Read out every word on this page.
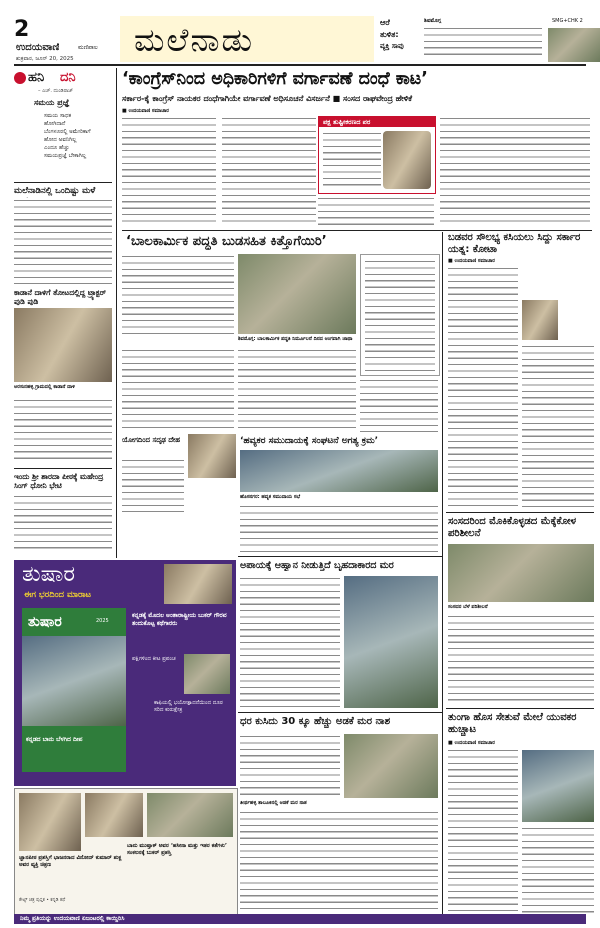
2
ಉದಯವಾಣಿ	ಮಣಿಪಾಲ
ಶುಕ್ರವಾರ, ಜೂನ್ 20, 2025 ಮಲೆನಾಡು	ಆರೆ
ತುಳಿತ:
ವ್ಯಕ್ತಿ ಸಾವು
ಶಿವಮೊಗ್ಗ	SMG+CHK 2
ಹನಿ ದನಿ
– ಎಚ್. ದುಂಡಿರಾಜ್
ಸಮಯ ಪ್ರಜ್ಞೆ
ಸಮಯ ಸಾಧಕ
ಹೋಗಿದಾನೆ
ಬೆಂಗಳೂರಲ್ಲಿ ಅಮೇರಿಕಾಗೆ
ಹೋದ ಅವನಿಗಿಲ್ಲ
ಎಂದೂ ಹೆಚ್ಚು
ಸಮಯಪ್ರಜ್ಞೆ ಬೇಕಾಗಿಲ್ಲ
ಮಲೆನಾಡಿನಲ್ಲಿ ಒಂದಿಷ್ಟು ಮಳೆ
ಕಾಡಾನೆ ದಾಳಿಗೆ ತೋಟದಲ್ಲಿದ್ದ ಟ್ರ್ಯಾಕ್ಟರ್ ಪುಡಿ ಪುಡಿ
ಅರಸುನಹಳ್ಳಿ ಗ್ರಾಮದಲ್ಲಿ ಕಾಡಾನೆ ದಾಳಿ
ಇಂದು ಶ್ರೀ ಶಾರದಾ ಪೀಠಕ್ಕೆ ಮಹೇಂದ್ರ ಸಿಂಗ್ ಧೋನಿ ಭೇಟಿ
‘ಕಾಂಗ್ರೆಸ್‌ನಿಂದ ಅಧಿಕಾರಿಗಳಿಗೆ ವರ್ಗಾವಣೆ ದಂಧೆ ಕಾಟ’
ಸರ್ಕಾರ-ಕೈ ಕಾಂಗ್ರೆಸ್ ನಾಯಕರ ದಂಧೆಗಾಗಿಯೇ ವರ್ಗಾವಣೆ ಅಧಿಸೂಚನೆ ವಿಸರ್ಜನೆ ■ ಸಂಸದ ರಾಘವೇಂದ್ರ ಹೇಳಿಕೆ
■ ಉದಯವಾಣಿ ಸಮಾಚಾರ
ಪಕ್ಷ ತುಷ್ಟೀಕರಣದ ಪರ
‘ಬಾಲಕಾರ್ಮಿಕ ಪದ್ಧತಿ ಬುಡಸಹಿತ ಕಿತ್ತೊಗೆಯಿರಿ’
ಶಿವಮೊಗ್ಗ: ಬಾಲಕಾರ್ಮಿಕ ಪದ್ಧತಿ ನಿರ್ಮೂಲನೆ ದಿನದ ಅಂಗವಾಗಿ ಜಾಥಾ
ಯೋಗದಿಂದ ಸದೃಢ ದೇಹ	‘ಹವ್ಯಕರ ಸಮುದಾಯಕ್ಕೆ ಸಂಘಟನೆ ಅಗತ್ಯ ಕ್ರಮ’
ಹೊಸನಗರ: ಹವ್ಯಕ ಸಮುದಾಯ ಸಭೆ
ಅಪಾಯಕ್ಕೆ ಆಹ್ವಾನ ನೀಡುತ್ತಿದೆ ಬೃಹದಾಕಾರದ ಮರ
ಧರ ಕುಸಿದು 30 ಕ್ಕೂ ಹೆಚ್ಚು ಅಡಕೆ ಮರ ನಾಶ
ತೀರ್ಥಹಳ್ಳಿ ತಾಲೂಕಿನಲ್ಲಿ ಅಡಕೆ ಮರ ನಾಶ
ಬಡವರ ಸೌಲಭ್ಯ ಕಸಿಯಲು ಸಿದ್ದು ಸರ್ಕಾರ ಯತ್ನ: ಕೋಟಾ
■ ಉದಯವಾಣಿ ಸಮಾಚಾರ
ಸಂಸದರಿಂದ ಮೊಕಿಕೊಳ್ಳಡದ ಮೆಕ್ಕೆಕೋಳ ಪರಿಶೀಲನೆ
ಸಂಸದರ ಬೆಳೆ ಪರಿಶೀಲನೆ
ತುಂಗಾ ಹೊಸ ಸೇತುವೆ ಮೇಲೆ ಯುವಕರ ಹುಚ್ಚಾಟ
■ ಉದಯವಾಣಿ ಸಮಾಚಾರ
ತುಷಾರ
ಈಗ ಭರದಿಂದ ಮಾರಾಟ
ತುಷಾರ	2025
ಕನ್ನಡದ ಬಾನು ಬೆಳಗಿದ ದೀಪ
ಕನ್ನಡಕ್ಕೆ ಮೊದಲ ಅಂತಾರಾಷ್ಟ್ರೀಯ ಬುಕರ್ ಗೌರವ ತಂದುಕೊಟ್ಟ ಕಥೆಗಾರರು
ಪಕ್ಷಿಗಳಿಂದ ಕೀಟ ಪ್ರಪಂಚ
ಕಾಫಿಯಲ್ಲಿ ಭಯೋತ್ಪಾದನೆಯಿಂದ ದೂರ ಸರಿದ ಕುರುಕ್ಷೇತ್ರ
ಜ್ಞಾನಪೀಠ ಪ್ರಶಸ್ತಿಗೆ ಭಾಜನರಾದ ವಿನೋದ್ ಕುಮಾರ್ ಶುಕ್ಲ ಅವರ ವ್ಯಕ್ತಿ ಚಿತ್ರಣ
ಬಾನು ಮುಷ್ತಾಕ್ ಅವರ ‘ಹಸೀನಾ ಮತ್ತು ಇತರ ಕತೆಗಳು’ ಸಂಕಲನಕ್ಕೆ ಬುಕರ್ ಪ್ರಶಸ್ತಿ
ಕೇಟ್ಸ್ ಚಿತ್ರ ಪುಸ್ತಕ • ಕನ್ನಡಿ ಕಥೆ
ನಿಮ್ಮ ಪ್ರತಿಯನ್ನು ಉದಯವಾಣಿ ಏಜಂಟರಲ್ಲಿ ಕಾಯ್ದಿರಿಸಿ
